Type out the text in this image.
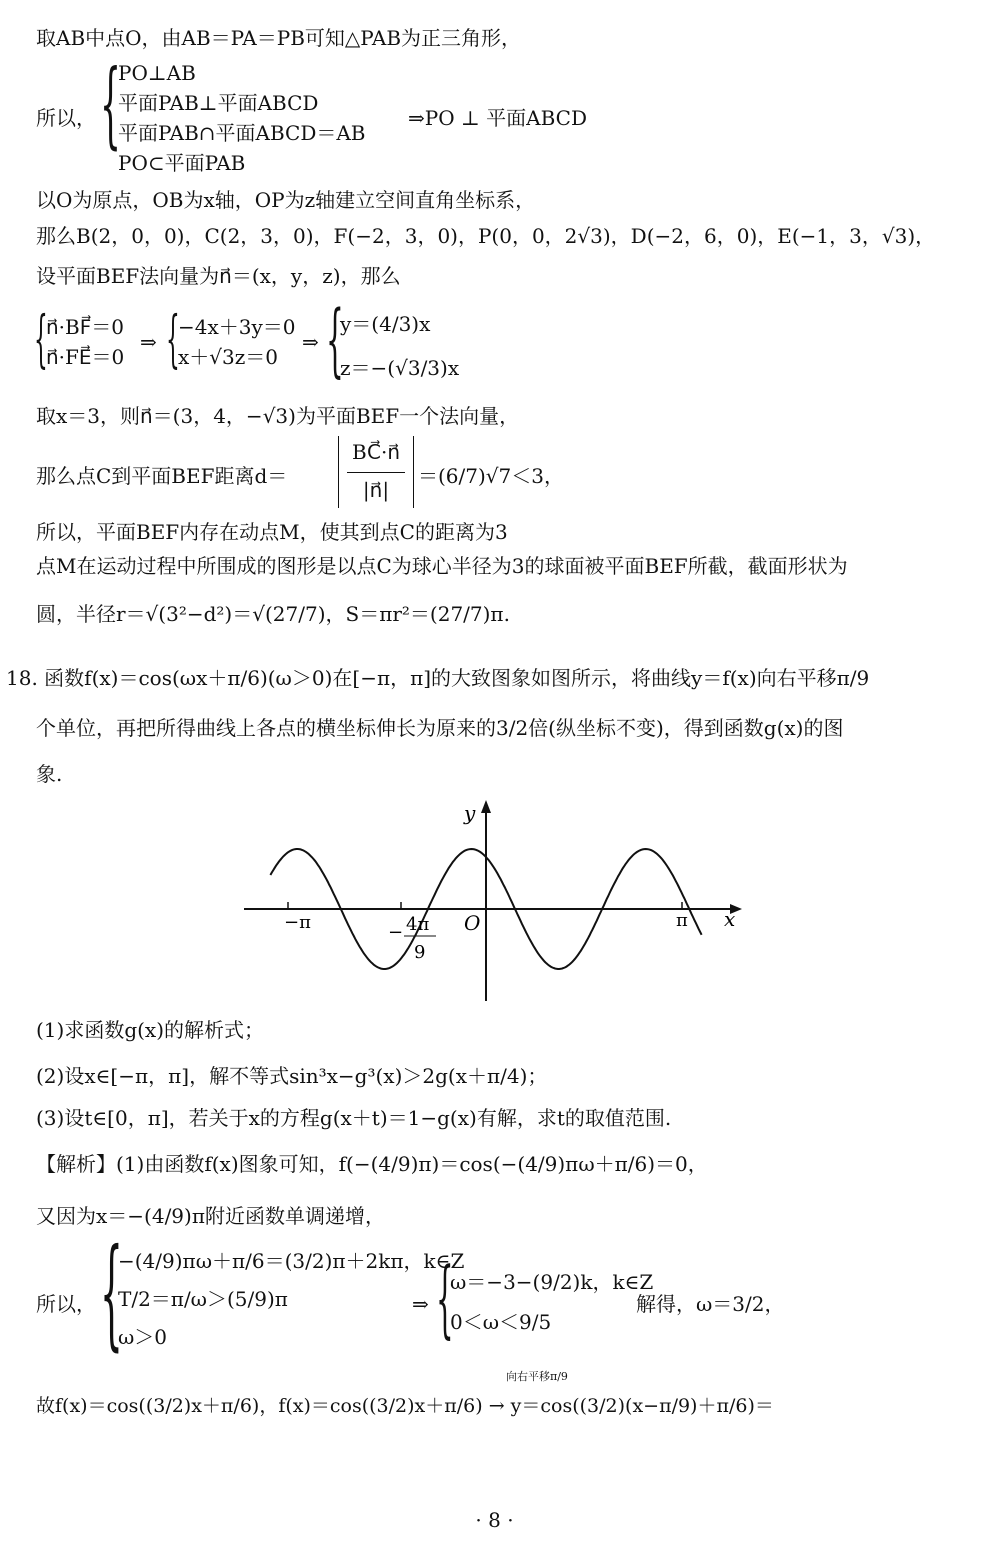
取AB中点O，由AB＝PA＝PB可知△PAB为正三角形，
所以， {
PO⊥AB
平面PAB⊥平面ABCD
平面PAB∩平面ABCD＝AB
PO⊂平面PAB
⇒PO ⊥ 平面ABCD
以O为原点，OB为x轴，OP为z轴建立空间直角坐标系，
那么B(2，0，0)，C(2，3，0)，F(−2，3，0)，P(0，0，2√3)，D(−2，6，0)，E(−1，3，√3)，
设平面BEF法向量为n⃗＝(x，y，z)，那么
{
n⃗·BF⃗＝0
n⃗·FE⃗＝0
⇒ {
−4x＋3y＝0
x＋√3z＝0
⇒ {
y＝(4/3)x
z＝−(√3/3)x
取x＝3，则n⃗＝(3，4，−√3)为平面BEF一个法向量，
那么点C到平面BEF距离d＝
BC⃗·n⃗
|n⃗|
＝(6/7)√7＜3，
所以，平面BEF内存在动点M，使其到点C的距离为3
点M在运动过程中所围成的图形是以点C为球心半径为3的球面被平面BEF所截，截面形状为
圆，半径r＝√(3²−d²)＝√(27/7)，S＝πr²＝(27/7)π.
18. 函数f(x)＝cos(ωx＋π/6)(ω＞0)在[−π，π]的大致图象如图所示，将曲线y＝f(x)向右平移π/9
个单位，再把所得曲线上各点的横坐标伸长为原来的3/2倍(纵坐标不变)，得到函数g(x)的图
象.
y
x
O
−π	π
− 4π
9
(1)求函数g(x)的解析式；
(2)设x∈[−π，π]，解不等式sin³x−g³(x)＞2g(x＋π/4)；
(3)设t∈[0，π]，若关于x的方程g(x＋t)＝1−g(x)有解，求t的取值范围.
【解析】(1)由函数f(x)图象可知，f(−(4/9)π)＝cos(−(4/9)πω＋π/6)＝0，
又因为x＝−(4/9)π附近函数单调递增，
所以， {
−(4/9)πω＋π/6＝(3/2)π＋2kπ，k∈Z
T/2＝π/ω＞(5/9)π
ω＞0
⇒ {
ω＝−3−(9/2)k，k∈Z
0＜ω＜9/5
解得，ω＝3/2，
向右平移π/9
故f(x)＝cos((3/2)x＋π/6)，f(x)＝cos((3/2)x＋π/6) → y＝cos((3/2)(x−π/9)＋π/6)＝
· 8 ·
